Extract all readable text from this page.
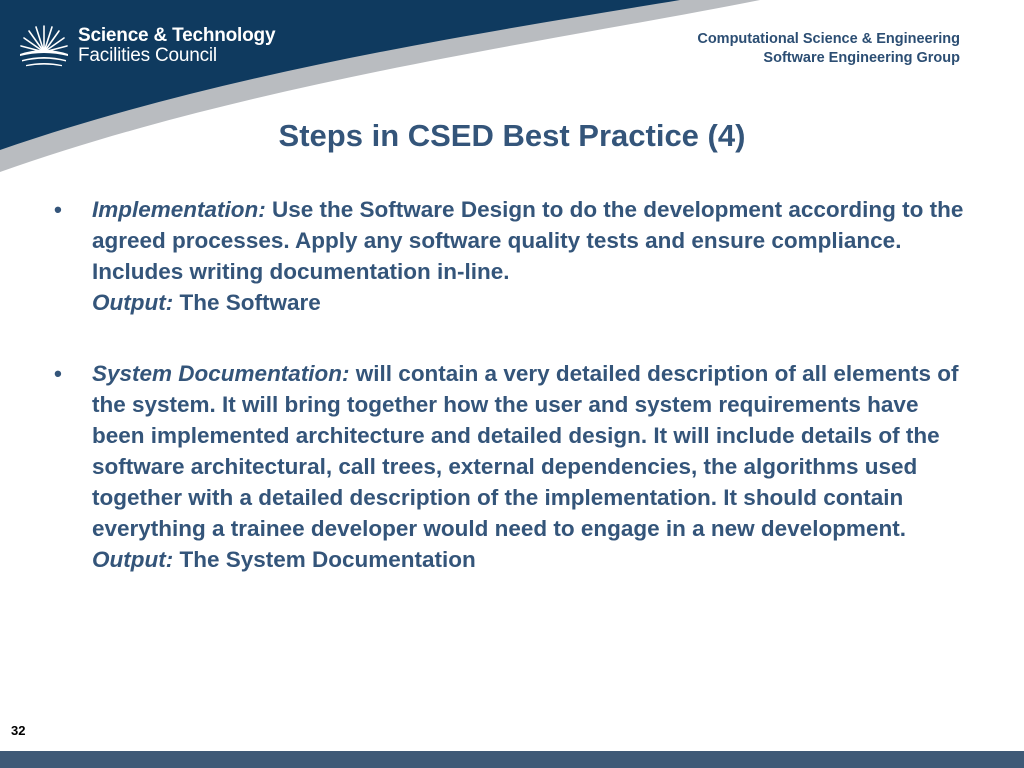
Science & Technology
Facilities Council
Computational Science & Engineering
Software Engineering Group
Steps in CSED Best Practice (4)
•	Implementation: Use the Software Design to do the development according to the agreed processes. Apply any software quality tests and ensure compliance. Includes writing documentation in-line.
Output: The Software
•	System Documentation: will contain a very detailed description of all elements of the system. It will bring together how the user and system requirements have been implemented architecture and detailed design. It will include details of the software architectural, call trees, external dependencies, the algorithms used together with a detailed description of the implementation. It should contain everything a trainee developer would need to engage in a new development.
Output: The System Documentation
32
